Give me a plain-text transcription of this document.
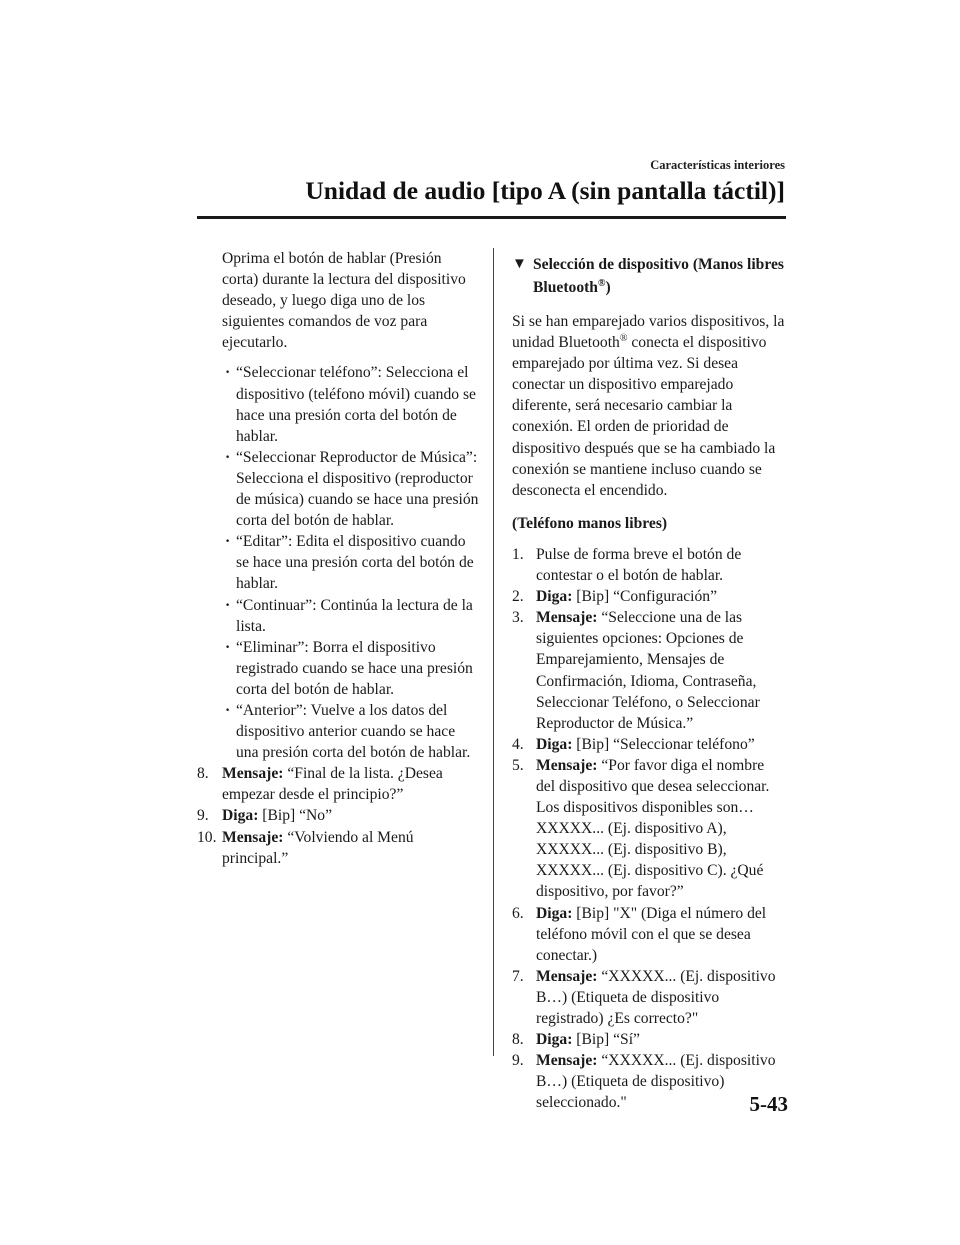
Características interiores
Unidad de audio [tipo A (sin pantalla táctil)]

Oprima el botón de hablar (Presión corta) durante la lectura del dispositivo deseado, y luego diga uno de los siguientes comandos de voz para ejecutarlo.

· “Seleccionar teléfono”: Selecciona el dispositivo (teléfono móvil) cuando se hace una presión corta del botón de hablar.

· “Seleccionar Reproductor de Música”: Selecciona el dispositivo (reproductor de música) cuando se hace una presión corta del botón de hablar.

· “Editar”: Edita el dispositivo cuando se hace una presión corta del botón de hablar.

· “Continuar”: Continúa la lectura de la lista.

· “Eliminar”: Borra el dispositivo registrado cuando se hace una presión corta del botón de hablar.

· “Anterior”: Vuelve a los datos del dispositivo anterior cuando se hace una presión corta del botón de hablar.

8. Mensaje: “Final de la lista. ¿Desea empezar desde el principio?”

9. Diga: [Bip] “No”

10. Mensaje: “Volviendo al Menú principal.”

▼ Selección de dispositivo (Manos libres Bluetooth®)

Si se han emparejado varios dispositivos, la unidad Bluetooth® conecta el dispositivo emparejado por última vez. Si desea conectar un dispositivo emparejado diferente, será necesario cambiar la conexión. El orden de prioridad de dispositivo después que se ha cambiado la conexión se mantiene incluso cuando se desconecta el encendido.

(Teléfono manos libres)

1. Pulse de forma breve el botón de contestar o el botón de hablar.

2. Diga: [Bip] “Configuración”

3. Mensaje: “Seleccione una de las siguientes opciones: Opciones de Emparejamiento, Mensajes de Confirmación, Idioma, Contraseña, Seleccionar Teléfono, o Seleccionar Reproductor de Música.”

4. Diga: [Bip] “Seleccionar teléfono”

5. Mensaje: “Por favor diga el nombre del dispositivo que desea seleccionar. Los dispositivos disponibles son… XXXXX... (Ej. dispositivo A), XXXXX... (Ej. dispositivo B), XXXXX... (Ej. dispositivo C). ¿Qué dispositivo, por favor?”

6. Diga: [Bip] "X" (Diga el número del teléfono móvil con el que se desea conectar.)

7. Mensaje: “XXXXX... (Ej. dispositivo B…) (Etiqueta de dispositivo registrado) ¿Es correcto?"

8. Diga: [Bip] “Sí”

9. Mensaje: “XXXXX... (Ej. dispositivo B…) (Etiqueta de dispositivo) seleccionado."	5-43
